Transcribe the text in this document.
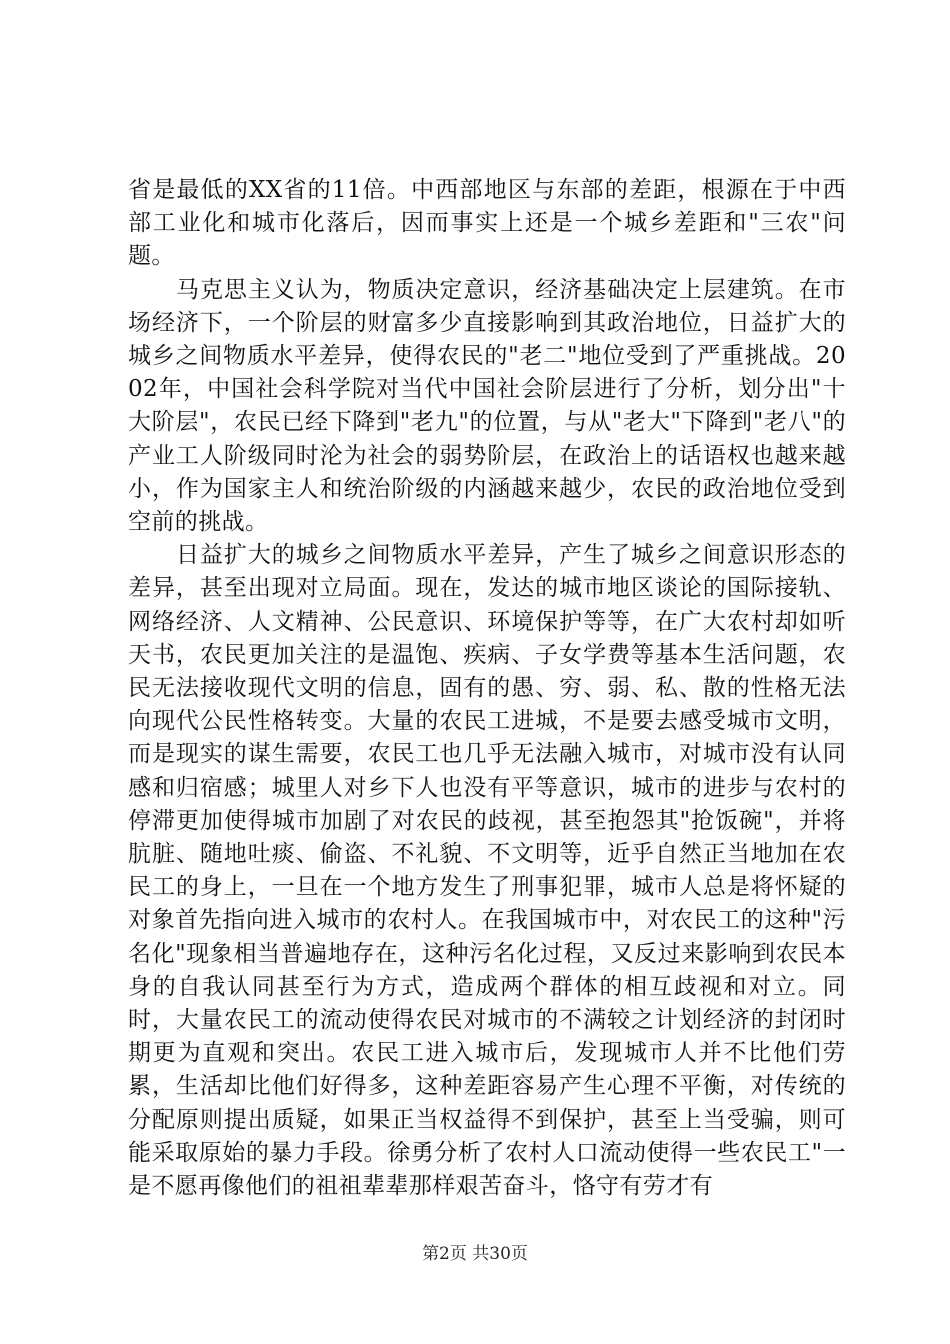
省是最低的XX省的11倍。中西部地区与东部的差距，根源在于中西部工业化和城市化落后，因而事实上还是一个城乡差距和"三农"问题。

马克思主义认为，物质决定意识，经济基础决定上层建筑。在市场经济下，一个阶层的财富多少直接影响到其政治地位，日益扩大的城乡之间物质水平差异，使得农民的"老二"地位受到了严重挑战。2002年，中国社会科学院对当代中国社会阶层进行了分析，划分出"十大阶层"，农民已经下降到"老九"的位置，与从"老大"下降到"老八"的产业工人阶级同时沦为社会的弱势阶层，在政治上的话语权也越来越小，作为国家主人和统治阶级的内涵越来越少，农民的政治地位受到空前的挑战。

日益扩大的城乡之间物质水平差异，产生了城乡之间意识形态的差异，甚至出现对立局面。现在，发达的城市地区谈论的国际接轨、网络经济、人文精神、公民意识、环境保护等等，在广大农村却如听天书，农民更加关注的是温饱、疾病、子女学费等基本生活问题，农民无法接收现代文明的信息，固有的愚、穷、弱、私、散的性格无法向现代公民性格转变。大量的农民工进城，不是要去感受城市文明，而是现实的谋生需要，农民工也几乎无法融入城市，对城市没有认同感和归宿感；城里人对乡下人也没有平等意识，城市的进步与农村的停滞更加使得城市加剧了对农民的歧视，甚至抱怨其"抢饭碗"，并将肮脏、随地吐痰、偷盗、不礼貌、不文明等，近乎自然正当地加在农民工的身上，一旦在一个地方发生了刑事犯罪，城市人总是将怀疑的对象首先指向进入城市的农村人。在我国城市中，对农民工的这种"污名化"现象相当普遍地存在，这种污名化过程，又反过来影响到农民本身的自我认同甚至行为方式，造成两个群体的相互歧视和对立。同时，大量农民工的流动使得农民对城市的不满较之计划经济的封闭时期更为直观和突出。农民工进入城市后，发现城市人并不比他们劳累，生活却比他们好得多，这种差距容易产生心理不平衡，对传统的分配原则提出质疑，如果正当权益得不到保护，甚至上当受骗，则可能采取原始的暴力手段。徐勇分析了农村人口流动使得一些农民工"一是不愿再像他们的祖祖辈辈那样艰苦奋斗，恪守有劳才有

第2页 共30页
